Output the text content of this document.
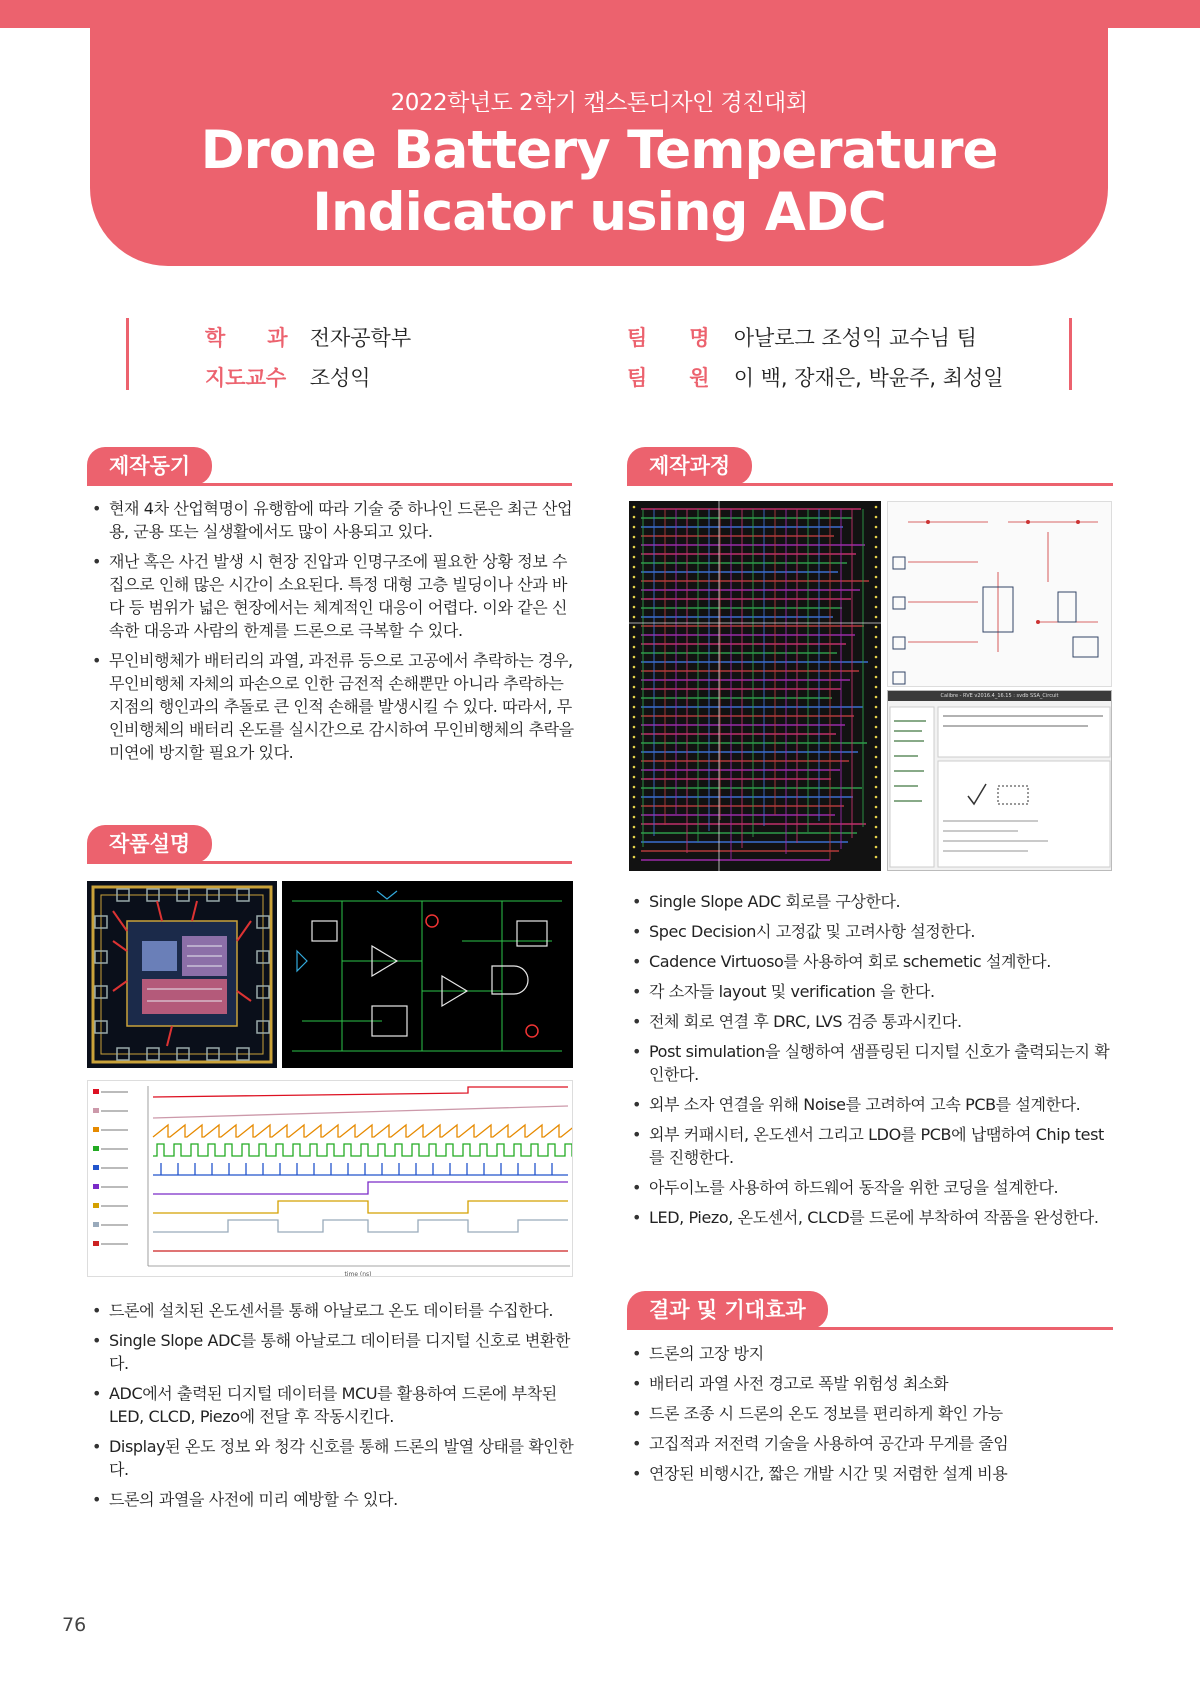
2022학년도 2학기 캡스톤디자인 경진대회
Drone Battery Temperature
Indicator using ADC
학　　과 전자공학부
지도교수 조성익
팀　　명 아날로그 조성익 교수님 팀
팀　　원 이 백, 장재은, 박윤주, 최성일
제작동기
• 현재 4차 산업혁명이 유행함에 따라 기술 중 하나인 드론은 최근 산업용, 군용 또는 실생활에서도 많이 사용되고 있다.
• 재난 혹은 사건 발생 시 현장 진압과 인명구조에 필요한 상황 정보 수집으로 인해 많은 시간이 소요된다. 특정 대형 고층 빌딩이나 산과 바다 등 범위가 넓은 현장에서는 체계적인 대응이 어렵다. 이와 같은 신속한 대응과 사람의 한계를 드론으로 극복할 수 있다.
• 무인비행체가 배터리의 과열, 과전류 등으로 고공에서 추락하는 경우, 무인비행체 자체의 파손으로 인한 금전적 손해뿐만 아니라 추락하는 지점의 행인과의 추돌로 큰 인적 손해를 발생시킬 수 있다. 따라서, 무인비행체의 배터리 온도를 실시간으로 감시하여 무인비행체의 추락을 미연에 방지할 필요가 있다.
작품설명
time (ns)
• 드론에 설치된 온도센서를 통해 아날로그 온도 데이터를 수집한다.
• Single Slope ADC를 통해 아날로그 데이터를 디지털 신호로 변환한다.
• ADC에서 출력된 디지털 데이터를 MCU를 활용하여 드론에 부착된 LED, CLCD, Piezo에 전달 후 작동시킨다.
• Display된 온도 정보 와 청각 신호를 통해 드론의 발열 상태를 확인한다.
• 드론의 과열을 사전에 미리 예방할 수 있다.
제작과정
Calibre - RVE v2016.4_16.15 : svdb SSA_Circuit
• Single Slope ADC 회로를 구상한다.
• Spec Decision시 고정값 및 고려사항 설정한다.
• Cadence Virtuoso를 사용하여 회로 schemetic 설계한다.
• 각 소자들 layout 및 verification 을 한다.
• 전체 회로 연결 후 DRC, LVS 검증 통과시킨다.
• Post simulation을 실행하여 샘플링된 디지털 신호가 출력되는지 확인한다.
• 외부 소자 연결을 위해 Noise를 고려하여 고속 PCB를 설계한다.
• 외부 커패시터, 온도센서 그리고 LDO를 PCB에 납땜하여 Chip test를 진행한다.
• 아두이노를 사용하여 하드웨어 동작을 위한 코딩을 설계한다.
• LED, Piezo, 온도센서, CLCD를 드론에 부착하여 작품을 완성한다.
결과 및 기대효과
• 드론의 고장 방지
• 배터리 과열 사전 경고로 폭발 위험성 최소화
• 드론 조종 시 드론의 온도 정보를 편리하게 확인 가능
• 고집적과 저전력 기술을 사용하여 공간과 무게를 줄임
• 연장된 비행시간, 짧은 개발 시간 및 저렴한 설계 비용
76
